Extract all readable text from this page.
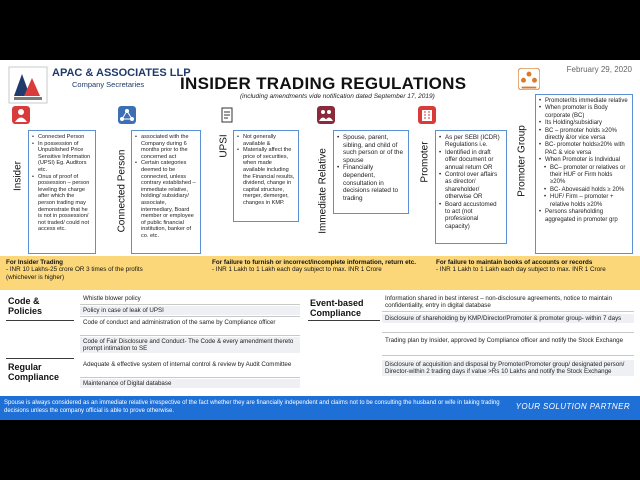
APAC & ASSOCIATES LLP
Company Secretaries
February 29, 2020
INSIDER TRADING REGULATIONS
(including amendments vide notification dated September 17, 2019)
Insider
• Connected Person
• In possession of Unpublished Price Sensitive Information (UPSI) Eg. Auditors etc.
• Onus of proof of possession – person leveling the charge after which the person trading may demonstrate that he is not in possession/ not traded/ could not access etc.	Connected Person
• associated with the Company during 6 months prior to the concerned act
• Certain categories deemed to be connected, unless contrary established – immediate relative, holding/ subsidiary/ associate, intermediary, Board member or employee of public financial institution, banker of co. etc.
UPSI
•	Not generally available &
• Materially affect the price of securities, when made available including the Financial results, dividend, change in capital structure, merger, demerger, changes in KMP.	Immediate Relative
• Spouse, parent, sibling, and child of such person or of the spouse
• Financially dependent, consultation in decisions related to trading
Promoter
• As per SEBI (ICDR) Regulations i.e.
• Identified in draft offer document or annual return OR
• Control over affairs as director/ shareholder/ otherwise OR
• Board accustomed to act (not professional capacity)
Promoter Group
• Promoter/its immediate relative
• When promoter is Body corporate (BC)
• Its Holding/subsidiary
• BC – promoter holds ≥20% directly &/or vice versa
• BC- promoter holds≥20% with PAC & vice versa
• When Promoter is Individual
• BC– promoter or relatives or their HUF or Firm holds ≥20%
• BC- Abovesaid holds ≥ 20%
• HUF/ Firm – promoter + relative holds ≥20%
• Persons shareholding aggregated in promoter grp
For Insider Trading
- INR 10 Lakhs-25 crore OR 3 times of the profits
(whichever is higher)
For failure to furnish or incorrect/incomplete information, return etc.
- INR 1 Lakh to 1 Lakh each day subject to max. INR 1 Crore
For failure to maintain books of accounts or records
- INR 1 Lakh to 1 Lakh each day subject to max. INR 1 Crore
Code &
Policies
Whistle blower policy
Policy in case of leak of UPSI
Code of conduct and administration of the same by Compliance officer
Code of Fair Disclosure and Conduct- The Code & every amendment thereto prompt intimation to SE
Regular
Compliance
Adequate & effective system of internal control & review by Audit Committee
Maintenance of Digital database
Event-based
Compliance
Information shared in best interest – non-disclosure agreements, notice to maintain confidentiality, entry in digital database
Disclosure of shareholding by KMP/Director/Promoter & promoter group- within 7 days
Trading plan by Insider, approved by Compliance officer and notify the Stock Exchange
Disclosure of acquisition and disposal by Promoter/Promoter group/ designated person/ Director-within 2 trading days if value >Rs 10 Lakhs and notify the Stock Exchange
Spouse is always considered as an immediate relative irrespective of the fact whether they are financially independent and claims not to be consulting the husband or wife in taking trading decisions unless the company official is able to prove otherwise.	YOUR SOLUTION PARTNER
